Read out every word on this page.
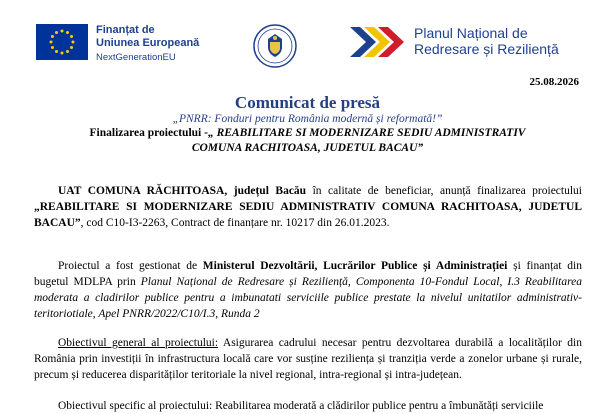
Finanțat de
Uniunea Europeană
NextGenerationEU
Planul Național de
Redresare și Reziliență
25.08.2026
Comunicat de presă
„PNRR: Fonduri pentru România modernă și reformată!”
Finalizarea proiectului -„ REABILITARE SI MODERNIZARE SEDIU ADMINISTRATIV
COMUNA RACHITOASA, JUDETUL BACAU”
UAT COMUNA RĂCHITOASA, județul Bacău în calitate de beneficiar, anunță finalizarea proiectului „REABILITARE SI MODERNIZARE SEDIU ADMINISTRATIV COMUNA RACHITOASA, JUDETUL BACAU”, cod C10-I3-2263, Contract de finanțare nr. 10217 din 26.01.2023.
Proiectul a fost gestionat de Ministerul Dezvoltării, Lucrărilor Publice și Administrației și finanțat din bugetul MDLPA prin Planul Național de Redresare și Reziliență, Componenta 10-Fondul Local, I.3 Reabilitarea moderata a cladirilor publice pentru a imbunatati serviciile publice prestate la nivelul unitatilor administrativ-teritoriotiale, Apel PNRR/2022/C10/I.3, Runda 2
Obiectivul general al proiectului: Asigurarea cadrului necesar pentru dezvoltarea durabilă a localităților din România prin investiții în infrastructura locală care vor susține reziliența și tranziția verde a zonelor urbane și rurale, precum și reducerea disparităților teritoriale la nivel regional, intra-regional și intra-județean.
Obiectivul specific al proiectului: Reabilitarea moderată a clădirilor publice pentru a îmbunătăți serviciile
